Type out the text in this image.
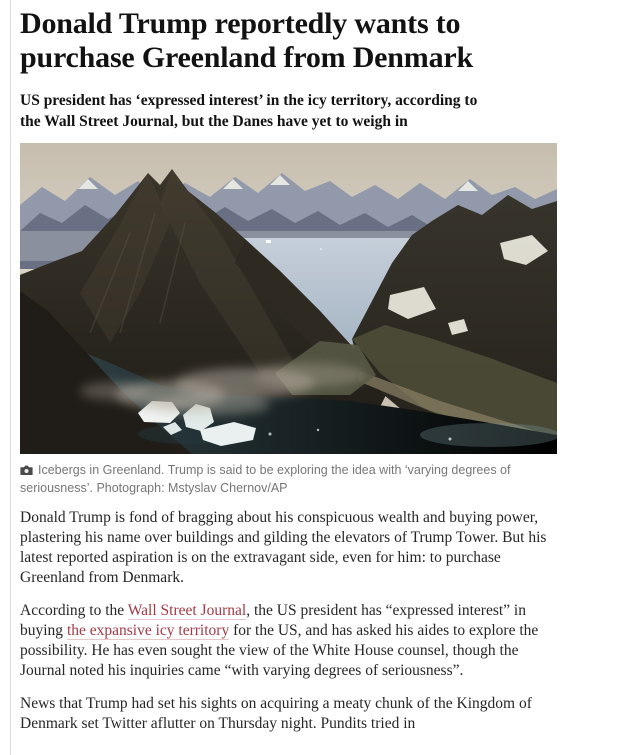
Donald Trump reportedly wants to purchase Greenland from Denmark
US president has ‘expressed interest’ in the icy territory, according to the Wall Street Journal, but the Danes have yet to weigh in
Icebergs in Greenland. Trump is said to be exploring the idea with ‘varying degrees of seriousness’. Photograph: Mstyslav Chernov/AP

Donald Trump is fond of bragging about his conspicuous wealth and buying power, plastering his name over buildings and gilding the elevators of Trump Tower. But his latest reported aspiration is on the extravagant side, even for him: to purchase Greenland from Denmark.

According to the Wall Street Journal, the US president has “expressed interest” in buying the expansive icy territory for the US, and has asked his aides to explore the possibility. He has even sought the view of the White House counsel, though the Journal noted his inquiries came “with varying degrees of seriousness”.

News that Trump had set his sights on acquiring a meaty chunk of the Kingdom of Denmark set Twitter aflutter on Thursday night. Pundits tried in
